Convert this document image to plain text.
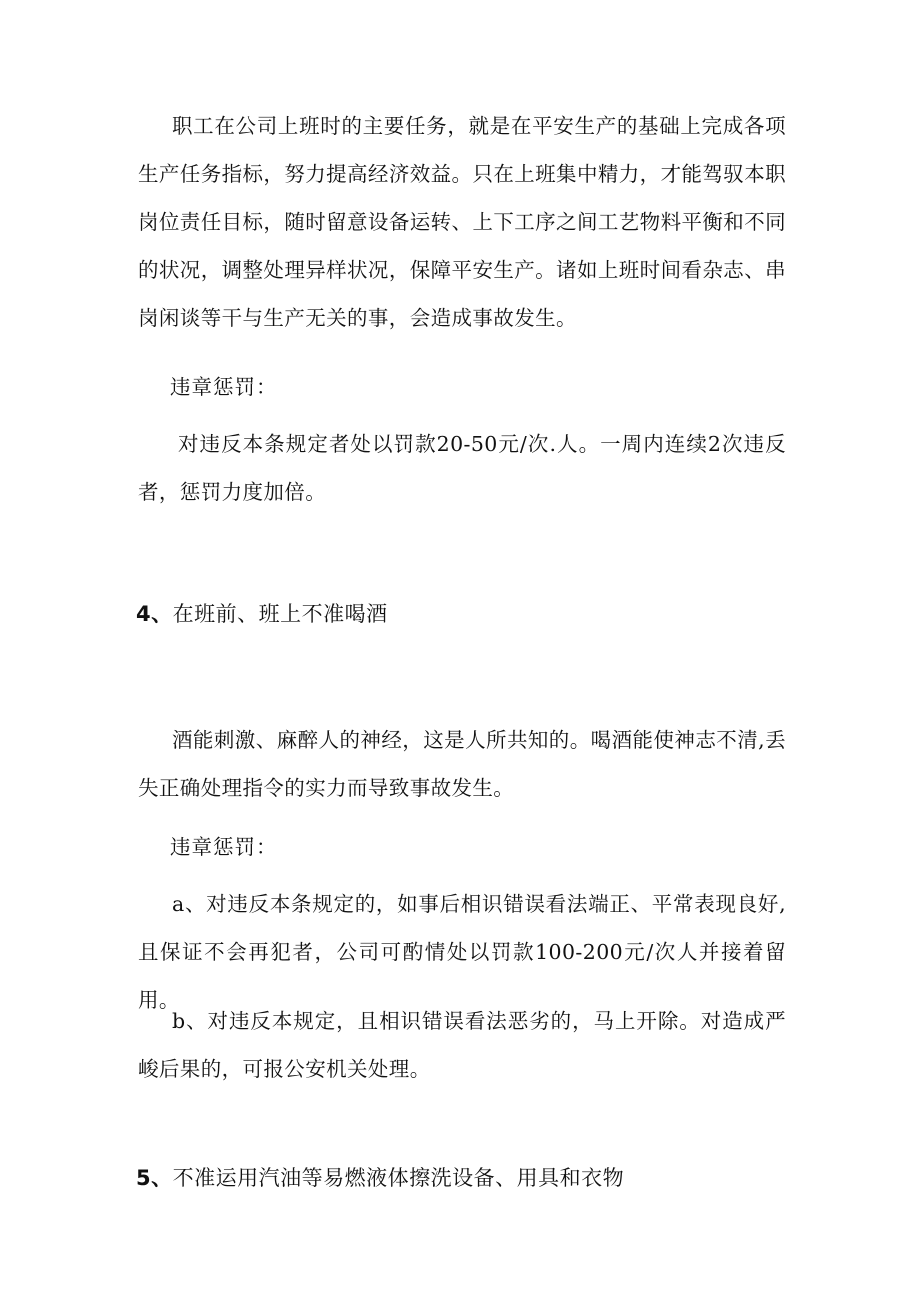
职工在公司上班时的主要任务，就是在平安生产的基础上完成各项生产任务指标，努力提高经济效益。只在上班集中精力，才能驾驭本职岗位责任目标，随时留意设备运转、上下工序之间工艺物料平衡和不同的状况，调整处理异样状况，保障平安生产。诸如上班时间看杂志、串岗闲谈等干与生产无关的事，会造成事故发生。

违章惩罚：

对违反本条规定者处以罚款20-50元/次.人。一周内连续2次违反者，惩罚力度加倍。

4、在班前、班上不准喝酒

酒能刺激、麻醉人的神经，这是人所共知的。喝酒能使神志不清,丢失正确处理指令的实力而导致事故发生。

违章惩罚：

a、对违反本条规定的，如事后相识错误看法端正、平常表现良好,且保证不会再犯者，公司可酌情处以罚款100-200元/次人并接着留用。

b、对违反本规定，且相识错误看法恶劣的，马上开除。对造成严峻后果的，可报公安机关处理。

5、不准运用汽油等易燃液体擦洗设备、用具和衣物
